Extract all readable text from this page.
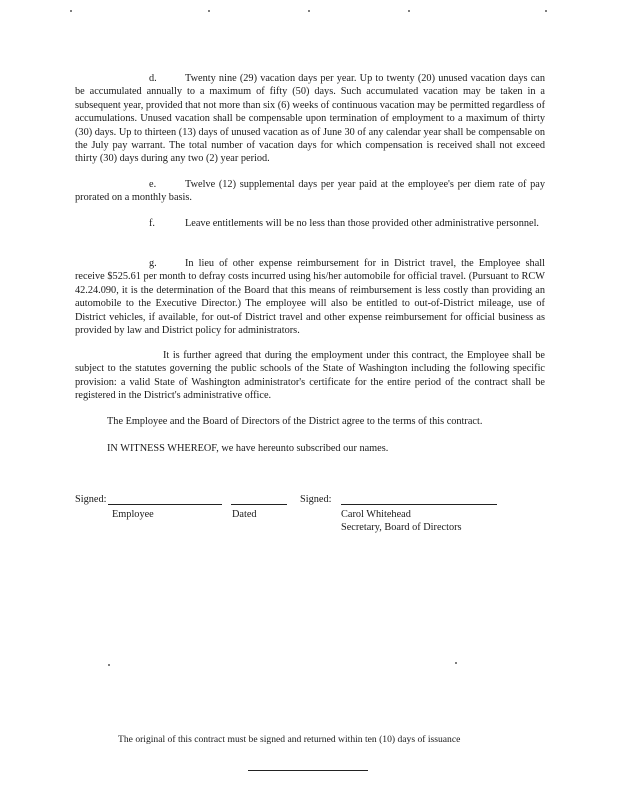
d.	Twenty nine (29) vacation days per year. Up to twenty (20) unused vacation days can be accumulated annually to a maximum of fifty (50) days. Such accumulated vacation may be taken in a subsequent year, provided that not more than six (6) weeks of continuous vacation may be permitted regardless of accumulations. Unused vacation shall be compensable upon termination of employment to a maximum of thirty (30) days. Up to thirteen (13) days of unused vacation as of June 30 of any calendar year shall be compensable on the July pay warrant. The total number of vacation days for which compensation is received shall not exceed thirty (30) days during any two (2) year period.

e.	Twelve (12) supplemental days per year paid at the employee's per diem rate of pay prorated on a monthly basis.

f.	Leave entitlements will be no less than those provided other administrative personnel.

g.	In lieu of other expense reimbursement for in District travel, the Employee shall receive $525.61 per month to defray costs incurred using his/her automobile for official travel. (Pursuant to RCW 42.24.090, it is the determination of the Board that this means of reimbursement is less costly than providing an automobile to the Executive Director.) The employee will also be entitled to out-of-District mileage, use of District vehicles, if available, for out-of District travel and other expense reimbursement for official business as provided by law and District policy for administrators.

It is further agreed that during the employment under this contract, the Employee shall be subject to the statutes governing the public schools of the State of Washington including the following specific provision: a valid State of Washington administrator's certificate for the entire period of the contract shall be registered in the District's administrative office.

The Employee and the Board of Directors of the District agree to the terms of this contract.

IN WITNESS WHEREOF, we have hereunto subscribed our names.

Signed:	Signed:

Employee	Dated	Carol Whitehead

Secretary, Board of Directors

The original of this contract must be signed and returned within ten (10) days of issuance
